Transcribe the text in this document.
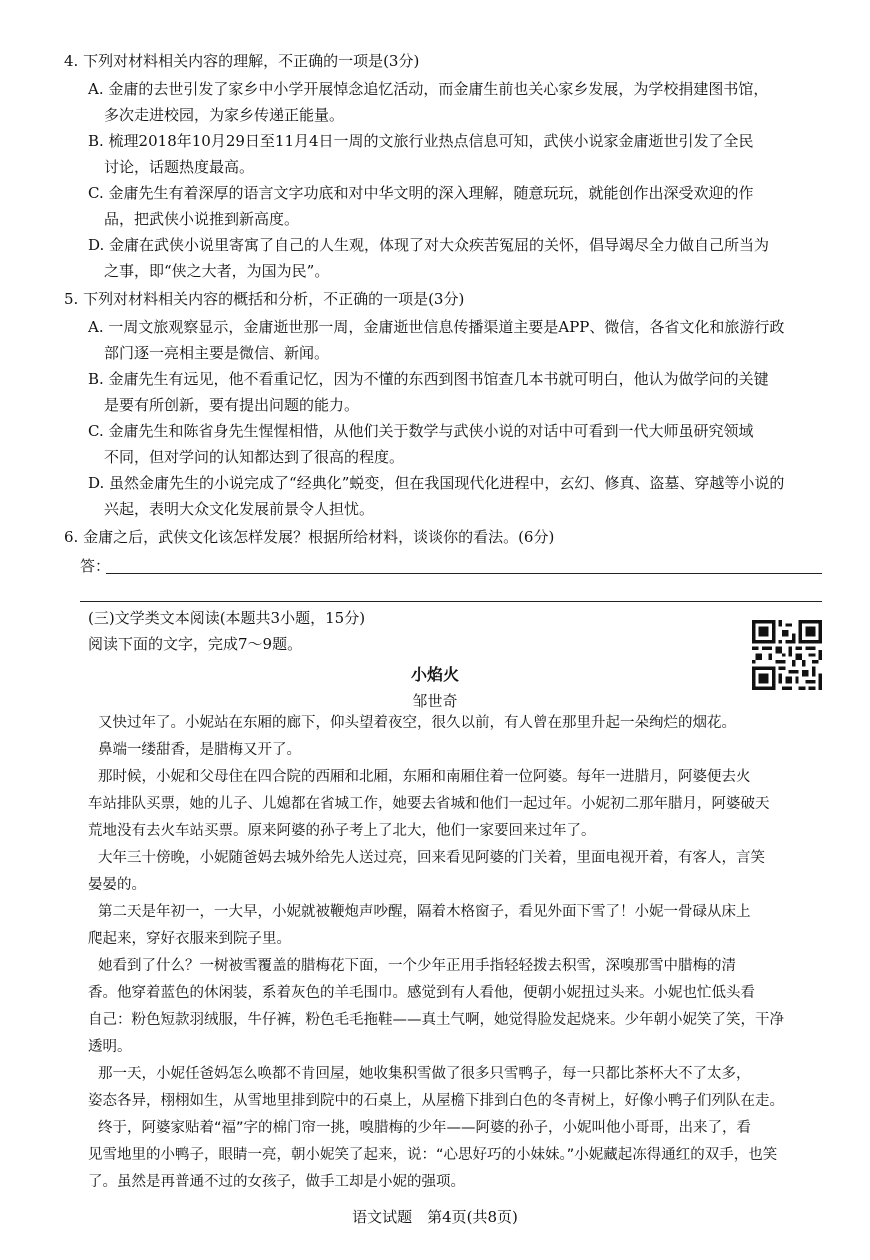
4. 下列对材料相关内容的理解，不正确的一项是(3分)
A. 金庸的去世引发了家乡中小学开展悼念追忆活动，而金庸生前也关心家乡发展，为学校捐建图书馆，
多次走进校园，为家乡传递正能量。
B. 梳理2018年10月29日至11月4日一周的文旅行业热点信息可知，武侠小说家金庸逝世引发了全民
讨论，话题热度最高。
C. 金庸先生有着深厚的语言文字功底和对中华文明的深入理解，随意玩玩，就能创作出深受欢迎的作
品，把武侠小说推到新高度。
D. 金庸在武侠小说里寄寓了自己的人生观，体现了对大众疾苦冤屈的关怀，倡导竭尽全力做自己所当为
之事，即“侠之大者，为国为民”。
5. 下列对材料相关内容的概括和分析，不正确的一项是(3分)
A. 一周文旅观察显示，金庸逝世那一周，金庸逝世信息传播渠道主要是APP、微信，各省文化和旅游行政
部门逐一亮相主要是微信、新闻。
B. 金庸先生有远见，他不看重记忆，因为不懂的东西到图书馆查几本书就可明白，他认为做学问的关键
是要有所创新，要有提出问题的能力。
C. 金庸先生和陈省身先生惺惺相惜，从他们关于数学与武侠小说的对话中可看到一代大师虽研究领域
不同，但对学问的认知都达到了很高的程度。
D. 虽然金庸先生的小说完成了“经典化”蜕变，但在我国现代化进程中，玄幻、修真、盗墓、穿越等小说的
兴起，表明大众文化发展前景令人担忧。
6. 金庸之后，武侠文化该怎样发展？根据所给材料，谈谈你的看法。(6分)
答：
(三)文学类文本阅读(本题共3小题，15分)
阅读下面的文字，完成7～9题。
小焰火
邹世奇
又快过年了。小妮站在东厢的廊下，仰头望着夜空，很久以前，有人曾在那里升起一朵绚烂的烟花。
鼻端一缕甜香，是腊梅又开了。
那时候，小妮和父母住在四合院的西厢和北厢，东厢和南厢住着一位阿婆。每年一进腊月，阿婆便去火
车站排队买票，她的儿子、儿媳都在省城工作，她要去省城和他们一起过年。小妮初二那年腊月，阿婆破天
荒地没有去火车站买票。原来阿婆的孙子考上了北大，他们一家要回来过年了。
大年三十傍晚，小妮随爸妈去城外给先人送过亮，回来看见阿婆的门关着，里面电视开着，有客人，言笑
晏晏的。
第二天是年初一，一大早，小妮就被鞭炮声吵醒，隔着木格窗子，看见外面下雪了！小妮一骨碌从床上
爬起来，穿好衣服来到院子里。
她看到了什么？一树被雪覆盖的腊梅花下面，一个少年正用手指轻轻拨去积雪，深嗅那雪中腊梅的清
香。他穿着蓝色的休闲装，系着灰色的羊毛围巾。感觉到有人看他，便朝小妮扭过头来。小妮也忙低头看
自己：粉色短款羽绒服，牛仔裤，粉色毛毛拖鞋——真土气啊，她觉得脸发起烧来。少年朝小妮笑了笑，干净
透明。
那一天，小妮任爸妈怎么唤都不肯回屋，她收集积雪做了很多只雪鸭子，每一只都比茶杯大不了太多，
姿态各异，栩栩如生，从雪地里排到院中的石桌上，从屋檐下排到白色的冬青树上，好像小鸭子们列队在走。
终于，阿婆家贴着“福”字的棉门帘一挑，嗅腊梅的少年——阿婆的孙子，小妮叫他小哥哥，出来了，看
见雪地里的小鸭子，眼睛一亮，朝小妮笑了起来，说：“心思好巧的小妹妹。”小妮藏起冻得通红的双手，也笑
了。虽然是再普通不过的女孩子，做手工却是小妮的强项。
语文试题　第4页(共8页)
